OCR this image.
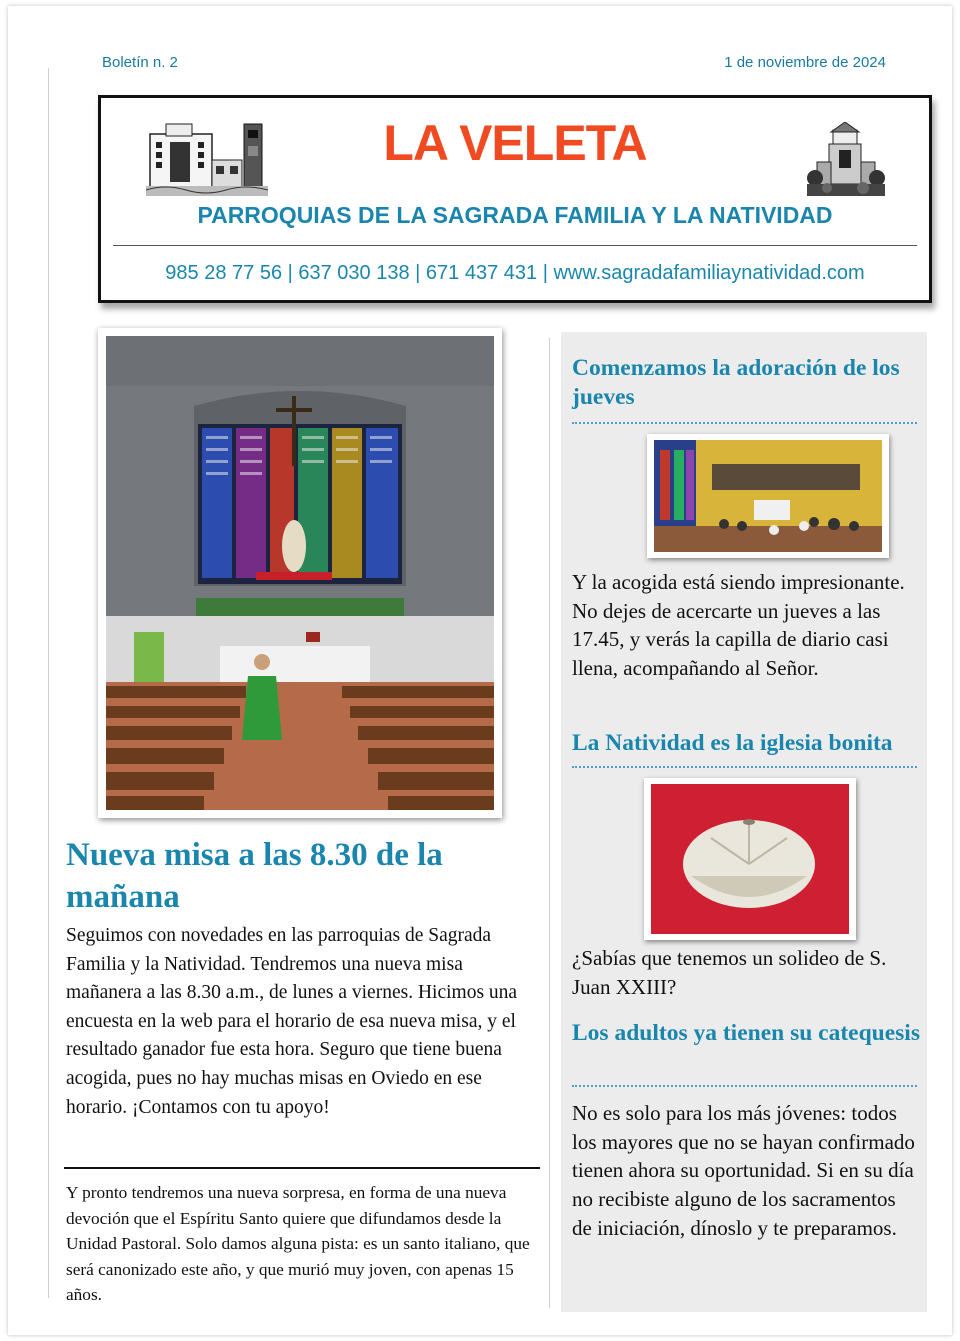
Boletín n. 2	1 de noviembre de 2024
LA VELETA
PARROQUIAS DE LA SAGRADA FAMILIA Y LA NATIVIDAD
985 28 77 56 | 637 030 138 | 671 437 431 | www.sagradafamiliaynatividad.com
Nueva misa a las 8.30 de la mañana
Seguimos con novedades en las parroquias de Sagrada Familia y la Natividad. Tendremos una nueva misa mañanera a las 8.30 a.m., de lunes a viernes. Hicimos una encuesta en la web para el horario de esa nueva misa, y el resultado ganador fue esta hora. Seguro que tiene buena acogida, pues no hay muchas misas en Oviedo en ese horario. ¡Contamos con tu apoyo!
Y pronto tendremos una nueva sorpresa, en forma de una nueva devoción que el Espíritu Santo quiere que difundamos desde la Unidad Pastoral. Solo damos alguna pista: es un santo italiano, que será canonizado este año, y que murió muy joven, con apenas 15 años.
Comenzamos la adoración de los jueves
Y la acogida está siendo impresionante. No dejes de acercarte un jueves a las 17.45, y verás la capilla de diario casi llena, acompañando al Señor.
La Natividad es la iglesia bonita
¿Sabías que tenemos un solideo de S. Juan XXIII?
Los adultos ya tienen su catequesis
No es solo para los más jóvenes: todos los mayores que no se hayan confirmado tienen ahora su oportunidad. Si en su día no recibiste alguno de los sacramentos de iniciación, dínoslo y te preparamos.
